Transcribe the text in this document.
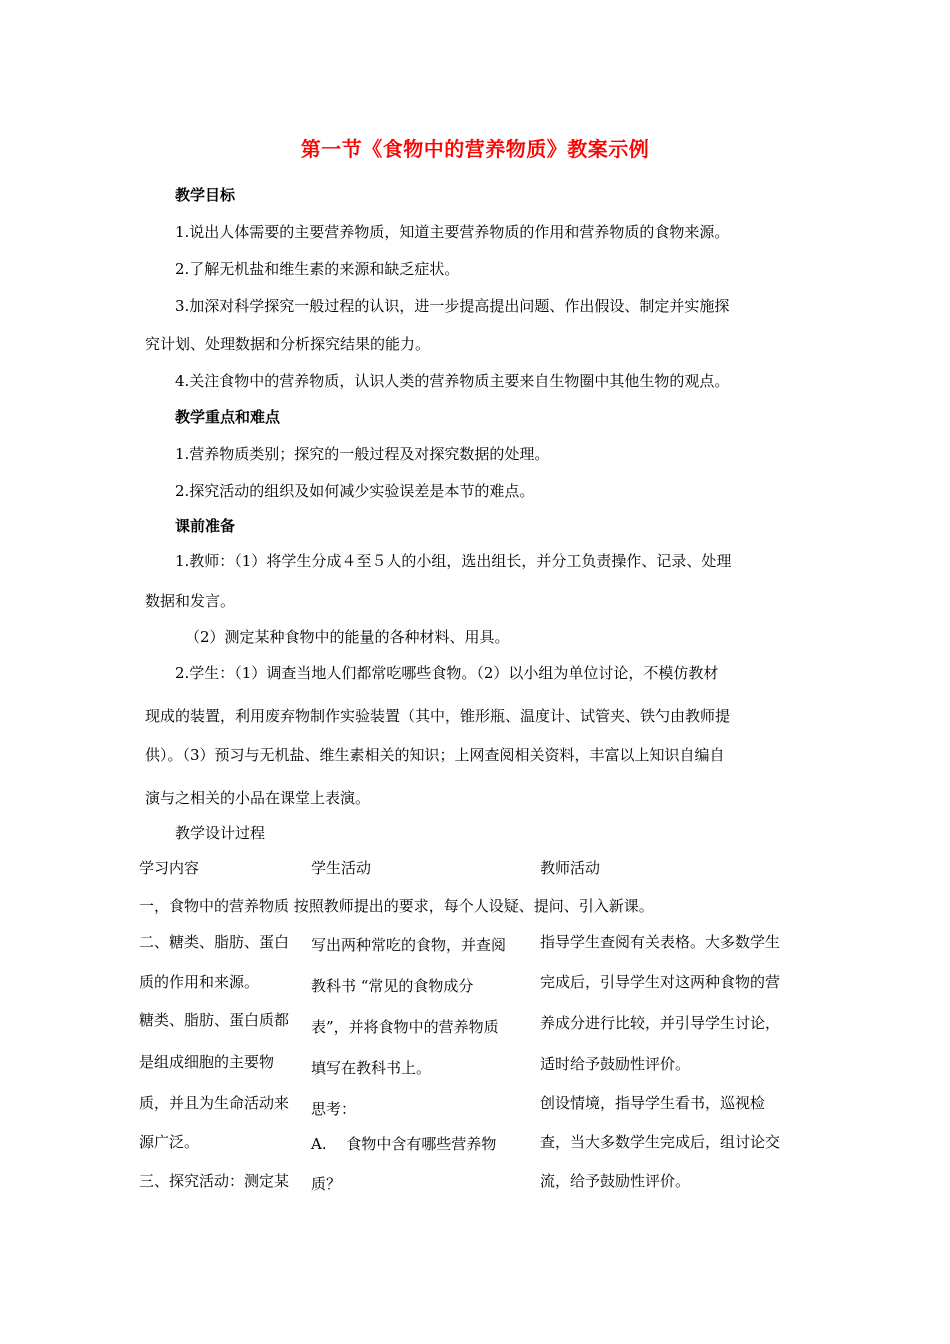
第一节《食物中的营养物质》教案示例
教学目标
1.说出人体需要的主要营养物质，知道主要营养物质的作用和营养物质的食物来源。
2.了解无机盐和维生素的来源和缺乏症状。
3.加深对科学探究一般过程的认识，进一步提高提出问题、作出假设、制定并实施探
究计划、处理数据和分析探究结果的能力。
4.关注食物中的营养物质，认识人类的营养物质主要来自生物圈中其他生物的观点。
教学重点和难点
1.营养物质类别；探究的一般过程及对探究数据的处理。
2.探究活动的组织及如何减少实验误差是本节的难点。
课前准备
1.教师：（1）将学生分成４至５人的小组，选出组长，并分工负责操作、记录、处理
数据和发言。
（2）测定某种食物中的能量的各种材料、用具。
2.学生：（1）调查当地人们都常吃哪些食物。（2）以小组为单位讨论，不模仿教材
现成的装置，利用废弃物制作实验装置（其中，锥形瓶、温度计、试管夹、铁勺由教师提
供）。（3）预习与无机盐、维生素相关的知识；上网查阅相关资料，丰富以上知识自编自
演与之相关的小品在课堂上表演。
教学设计过程
学习内容	学生活动	教师活动
一，食物中的营养物质 按照教师提出的要求，每个人设疑、提问、引入新课。
二、糖类、脂肪、蛋白
质的作用和来源。
糖类、脂肪、蛋白质都
是组成细胞的主要物
质，并且为生命活动来
源广泛。
三、探究活动：测定某
写出两种常吃的食物，并查阅
教科书 “常见的食物成分
表”，并将食物中的营养物质
填写在教科书上。
思考：
A.　 食物中含有哪些营养物
质？
指导学生查阅有关表格。大多数学生
完成后，引导学生对这两种食物的营
养成分进行比较，并引导学生讨论，
适时给予鼓励性评价。
创设情境，指导学生看书，巡视检
查，当大多数学生完成后，组讨论交
流，给予鼓励性评价。
